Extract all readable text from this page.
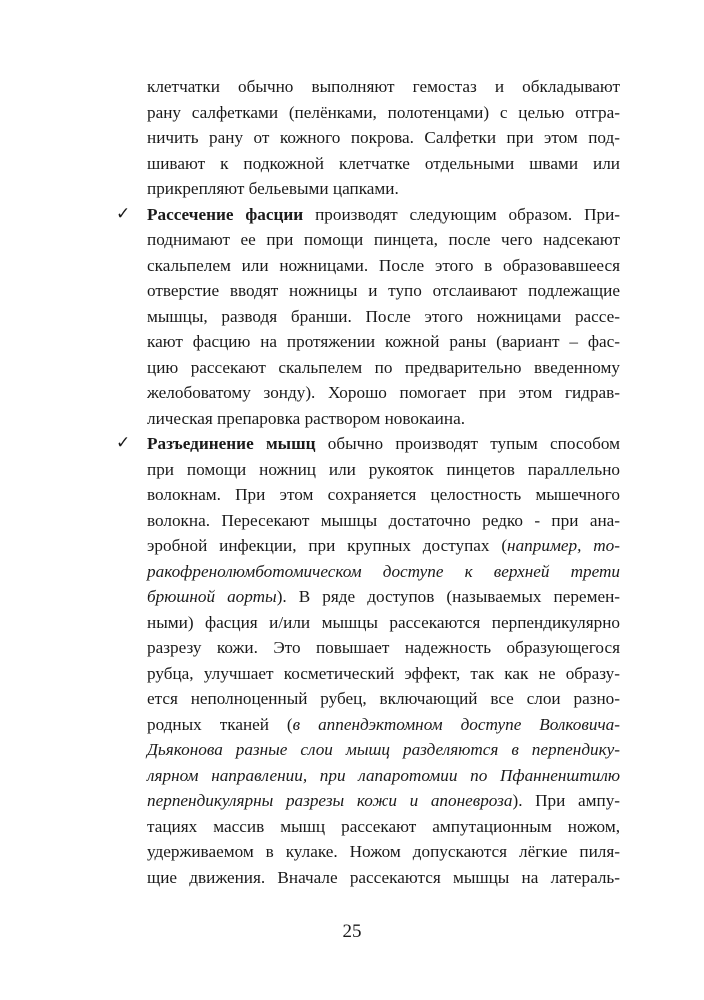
клетчатки обычно выполняют гемостаз и обкладывают
рану салфетками (пелёнками, полотенцами) с целью отгра-
ничить рану от кожного покрова. Салфетки при этом под-
шивают к подкожной клетчатке отдельными швами или
прикрепляют бельевыми цапками.
✓ Рассечение фасции производят следующим образом. При-
поднимают ее при помощи пинцета, после чего надсекают
скальпелем или ножницами. После этого в образовавшееся
отверстие вводят ножницы и тупо отслаивают подлежащие
мышцы, разводя бранши. После этого ножницами рассе-
кают фасцию на протяжении кожной раны (вариант – фас-
цию рассекают скальпелем по предварительно введенному
желобоватому зонду). Хорошо помогает при этом гидрав-
лическая препаровка раствором новокаина.
✓ Разъединение мышц обычно производят тупым способом
при помощи ножниц или рукояток пинцетов параллельно
волокнам. При этом сохраняется целостность мышечного
волокна. Пересекают мышцы достаточно редко - при ана-
эробной инфекции, при крупных доступах (например, то-
ракофренолюмботомическом доступе к верхней трети
брюшной аорты). В ряде доступов (называемых перемен-
ными) фасция и/или мышцы рассекаются перпендикулярно
разрезу кожи. Это повышает надежность образующегося
рубца, улучшает косметический эффект, так как не образу-
ется неполноценный рубец, включающий все слои разно-
родных тканей (в аппендэктомном доступе Волковича-
Дьяконова разные слои мышц разделяются в перпендику-
лярном направлении, при лапаротомии по Пфанненштилю
перпендикулярны разрезы кожи и апоневроза). При ампу-
тациях массив мышц рассекают ампутационным ножом,
удерживаемом в кулаке. Ножом допускаются лёгкие пиля-
щие движения. Вначале рассекаются мышцы на латераль-
25
